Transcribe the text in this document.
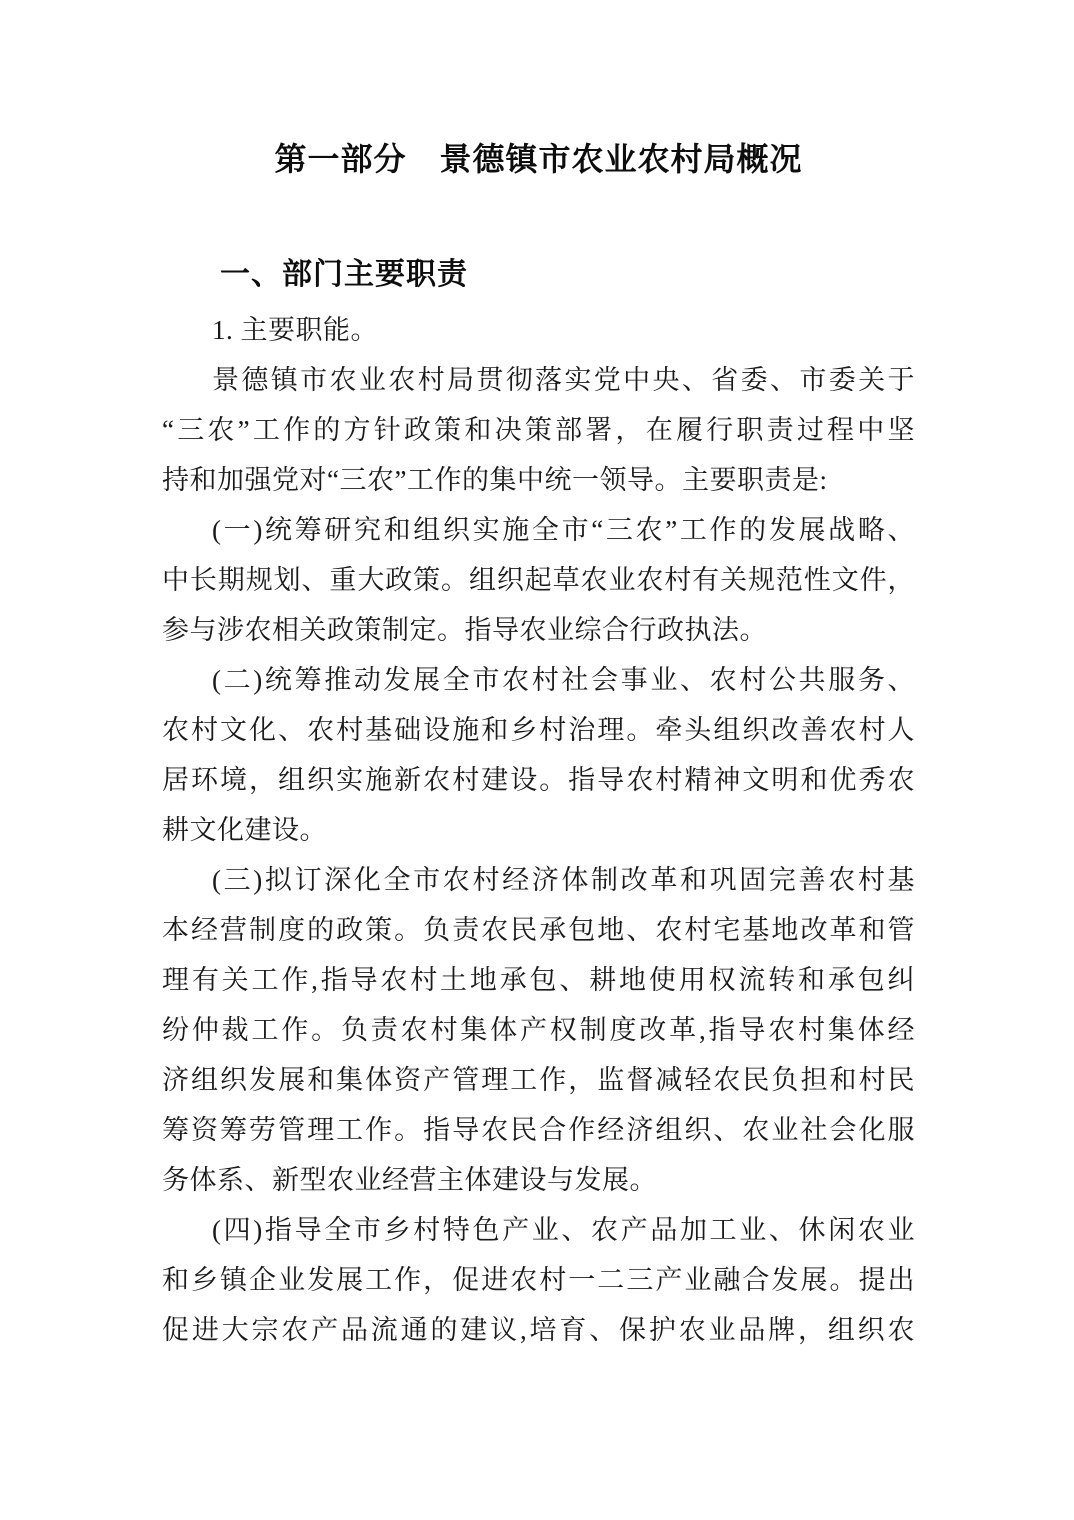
第一部分　景德镇市农业农村局概况
一、部门主要职责

1. 主要职能。

景德镇市农业农村局贯彻落实党中央、省委、市委关于
“三农”工作的方针政策和决策部署，在履行职责过程中坚
持和加强党对“三农”工作的集中统一领导。主要职责是:

(一)统筹研究和组织实施全市“三农”工作的发展战略、
中长期规划、重大政策。组织起草农业农村有关规范性文件，
参与涉农相关政策制定。指导农业综合行政执法。

(二)统筹推动发展全市农村社会事业、农村公共服务、
农村文化、农村基础设施和乡村治理。牵头组织改善农村人
居环境，组织实施新农村建设。指导农村精神文明和优秀农
耕文化建设。

(三)拟订深化全市农村经济体制改革和巩固完善农村基
本经营制度的政策。负责农民承包地、农村宅基地改革和管
理有关工作,指导农村土地承包、耕地使用权流转和承包纠
纷仲裁工作。负责农村集体产权制度改革,指导农村集体经
济组织发展和集体资产管理工作，监督减轻农民负担和村民
筹资筹劳管理工作。指导农民合作经济组织、农业社会化服
务体系、新型农业经营主体建设与发展。

(四)指导全市乡村特色产业、农产品加工业、休闲农业
和乡镇企业发展工作，促进农村一二三产业融合发展。提出
促进大宗农产品流通的建议,培育、保护农业品牌，组织农
